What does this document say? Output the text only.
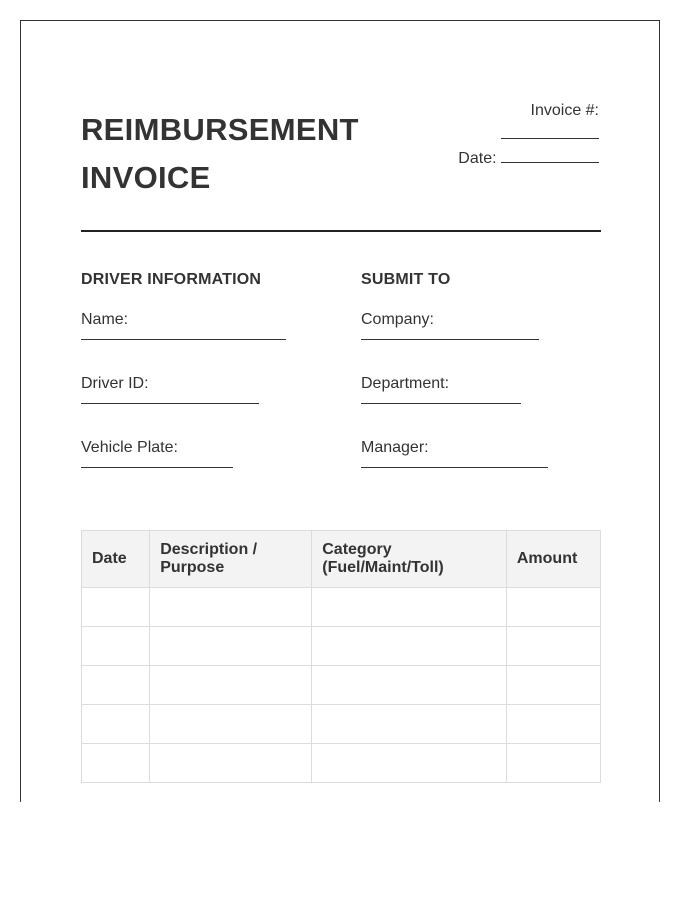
REIMBURSEMENT
INVOICE
Invoice #:
Date:
DRIVER INFORMATION
Name:
Driver ID:
Vehicle Plate:
SUBMIT TO
Company:
Department:
Manager:
Date	Description / Purpose	Category (Fuel/Maint/Toll)	Amount
